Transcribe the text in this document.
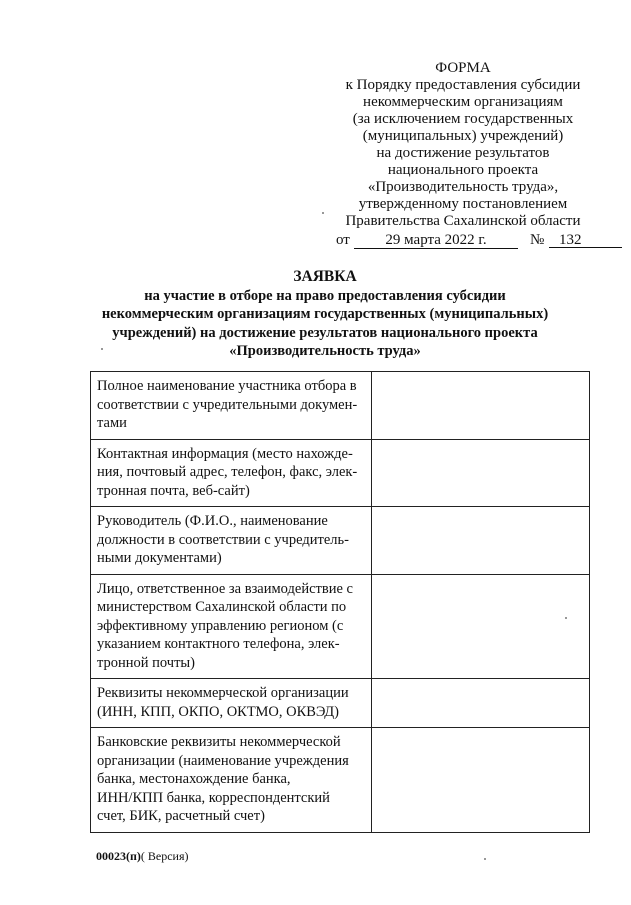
ФОРМА
к Порядку предоставления субсидии
некоммерческим организациям
(за исключением государственных
(муниципальных) учреждений)
на достижение результатов
национального проекта
«Производительность труда»,
утвержденному постановлением
Правительства Сахалинской области
от	29 марта 2022 г.	№ 132
ЗАЯВКА
на участие в отборе на право предоставления субсидии
некоммерческим организациям государственных (муниципальных)
учреждений) на достижение результатов национального проекта
«Производительность труда»
Полное наименование участника отбора в
соответствии с учредительными докумен-
тами	

Контактная информация (место нахожде-
ния, почтовый адрес, телефон, факс, элек-
тронная почта, веб-сайт)	

Руководитель (Ф.И.О., наименование
должности в соответствии с учредитель-
ными документами)	

Лицо, ответственное за взаимодействие с
министерством Сахалинской области по
эффективному управлению регионом (с
указанием контактного телефона, элек-
тронной почты)	

Реквизиты некоммерческой организации
(ИНН, КПП, ОКПО, ОКТМО, ОКВЭД)	

Банковские реквизиты некоммерческой
организации (наименование учреждения
банка, местонахождение банка,
ИНН/КПП банка, корреспондентский
счет, БИК, расчетный счет)	

00023(п)( Версия)
